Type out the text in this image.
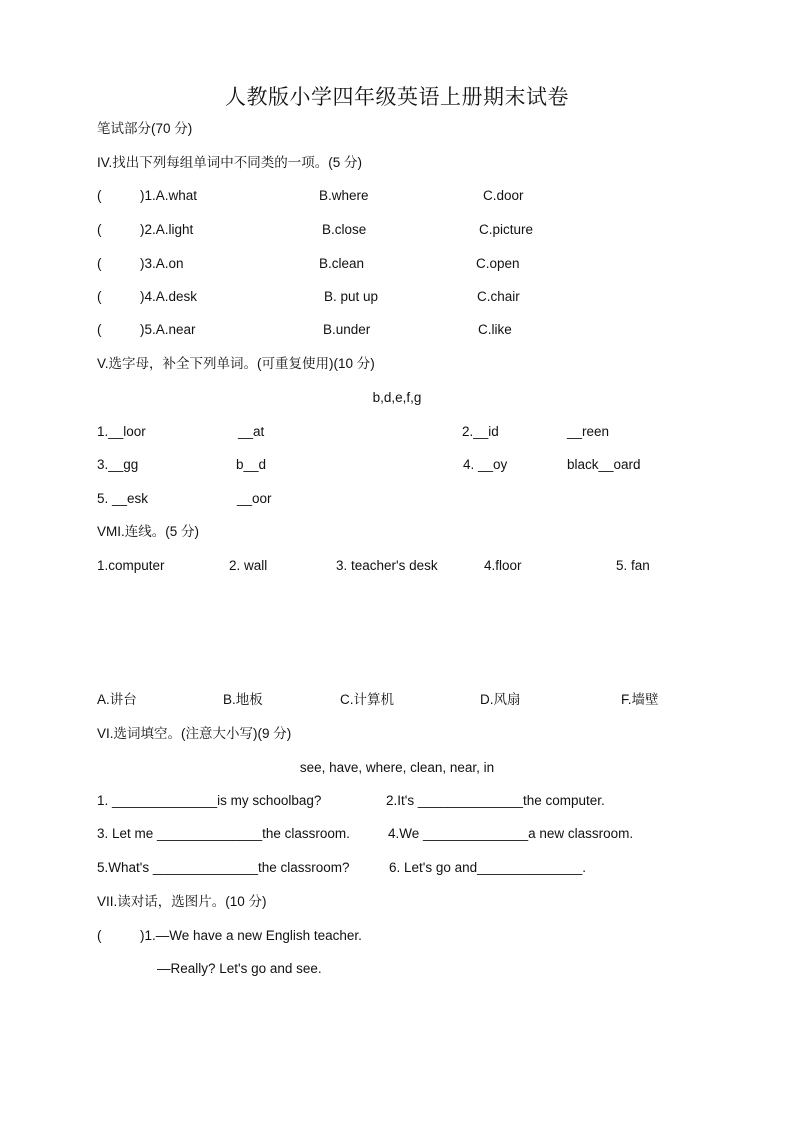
人教版小学四年级英语上册期末试卷
笔试部分(70 分)
IV.找出下列每组单词中不同类的一项。(5 分)
(	)1.A.what	B.where	C.door
(	)2.A.light	B.close	C.picture
(	)3.A.on	B.clean	C.open
(	)4.A.desk	B. put up	C.chair
(	)5.A.near	B.under	C.like
V.选字母，补全下列单词。(可重复使用)(10 分)
b,d,e,f,g
1.__loor	__at	2.__id	__reen
3.__gg	b__d	4. __oy	black__oard
5. __esk	__oor
VMI.连线。(5 分)
1.computer	2. wall	3. teacher's desk	4.floor	5. fan
A.讲台	B.地板	C.计算机	D.风扇	F.墙壁
VI.选词填空。(注意大小写)(9 分)
see, have, where, clean, near, in
1. ______________is my schoolbag?	2.It's ______________the computer.
3. Let me ______________the classroom.	4.We ______________a new classroom.
5.What's ______________the classroom?	6. Let's go and______________.
VII.读对话，选图片。(10 分)
(	)1.—We have a new English teacher.
—Really? Let's go and see.
